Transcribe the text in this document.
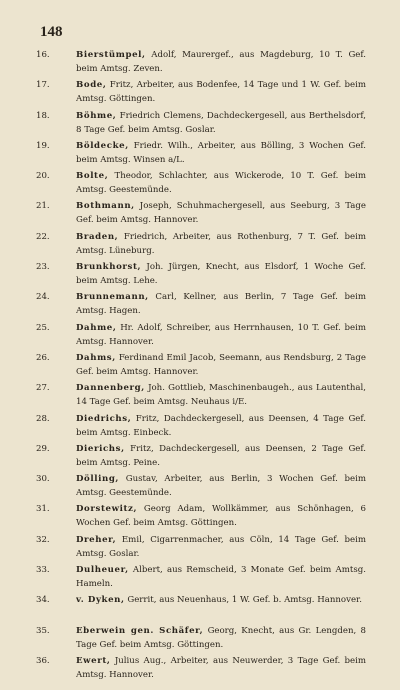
148
16.	Bierstümpel, Adolf, Maurergef., aus Magdeburg, 10 T. Gef. beim Amtsg. Zeven.
17.	Bode, Fritz, Arbeiter, aus Bodenfee, 14 Tage und 1 W. Gef. beim Amtsg. Göttingen.
18.	Böhme, Friedrich Clemens, Dachdeckergesell, aus Berthelsdorf, 8 Tage Gef. beim Amtsg. Goslar.
19.	Böldecke, Friedr. Wilh., Arbeiter, aus Bölling, 3 Wochen Gef. beim Amtsg. Winsen a/L.
20.	Bolte, Theodor, Schlachter, aus Wickerode, 10 T. Gef. beim Amtsg. Geestemünde.
21.	Bothmann, Joseph, Schuhmachergesell, aus Seeburg, 3 Tage Gef. beim Amtsg. Hannover.
22.	Braden, Friedrich, Arbeiter, aus Rothenburg, 7 T. Gef. beim Amtsg. Lüneburg.
23.	Brunkhorst, Joh. Jürgen, Knecht, aus Elsdorf, 1 Woche Gef. beim Amtsg. Lehe.
24.	Brunnemann, Carl, Kellner, aus Berlin, 7 Tage Gef. beim Amtsg. Hagen.
25.	Dahme, Hr. Adolf, Schreiber, aus Herrnhausen, 10 T. Gef. beim Amtsg. Hannover.
26.	Dahms, Ferdinand Emil Jacob, Seemann, aus Rendsburg, 2 Tage Gef. beim Amtsg. Hannover.
27.	Dannenberg, Joh. Gottlieb, Maschinenbaugeh., aus Lautenthal, 14 Tage Gef. beim Amtsg. Neuhaus i/E.
28.	Diedrichs, Fritz, Dachdeckergesell, aus Deensen, 4 Tage Gef. beim Amtsg. Einbeck.
29.	Dierichs, Fritz, Dachdeckergesell, aus Deensen, 2 Tage Gef. beim Amtsg. Peine.
30.	Dölling, Gustav, Arbeiter, aus Berlin, 3 Wochen Gef. beim Amtsg. Geestemünde.
31.	Dorstewitz, Georg Adam, Wollkämmer, aus Schönhagen, 6 Wochen Gef. beim Amtsg. Göttingen.
32.	Dreher, Emil, Cigarrenmacher, aus Cöln, 14 Tage Gef. beim Amtsg. Goslar.
33.	Dulheuer, Albert, aus Remscheid, 3 Monate Gef. beim Amtsg. Hameln.
34.	v. Dyken, Gerrit, aus Neuenhaus, 1 W. Gef. b. Amtsg. Hannover.
35.	Eberwein gen. Schäfer, Georg, Knecht, aus Gr. Lengden, 8 Tage Gef. beim Amtsg. Göttingen.
36.	Ewert, Julius Aug., Arbeiter, aus Neuwerder, 3 Tage Gef. beim Amtsg. Hannover.
